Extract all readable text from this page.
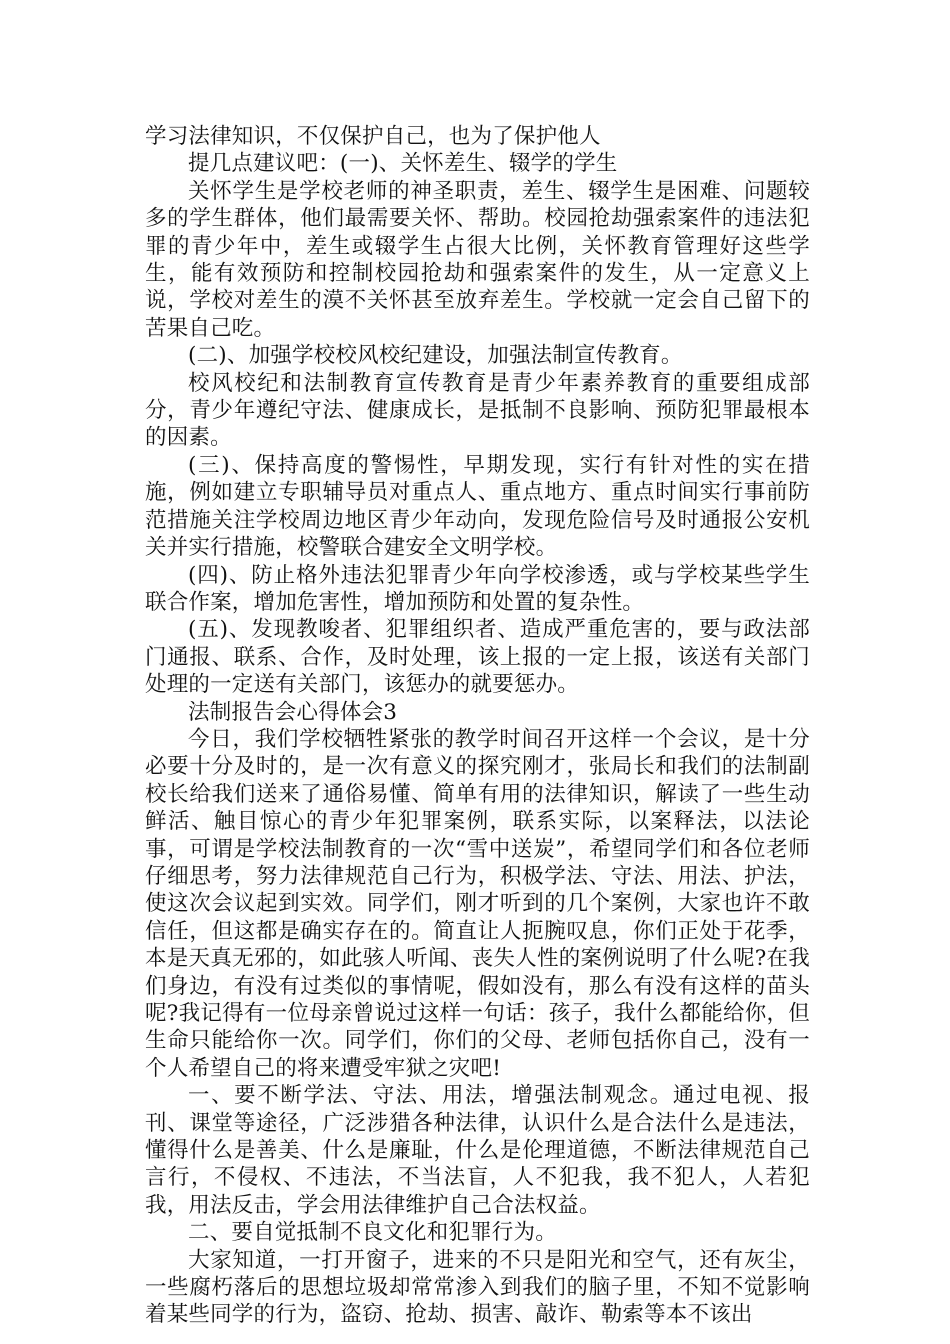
学习法律知识，不仅保护自己，也为了保护他人

提几点建议吧：(一)、关怀差生、辍学的学生

关怀学生是学校老师的神圣职责，差生、辍学生是困难、问题较多的学生群体，他们最需要关怀、帮助。校园抢劫强索案件的违法犯罪的青少年中，差生或辍学生占很大比例，关怀教育管理好这些学生，能有效预防和控制校园抢劫和强索案件的发生，从一定意义上说，学校对差生的漠不关怀甚至放弃差生。学校就一定会自己留下的苦果自己吃。

(二)、加强学校校风校纪建设，加强法制宣传教育。

校风校纪和法制教育宣传教育是青少年素养教育的重要组成部分，青少年遵纪守法、健康成长，是抵制不良影响、预防犯罪最根本的因素。

(三)、保持高度的警惕性，早期发现，实行有针对性的实在措施，例如建立专职辅导员对重点人、重点地方、重点时间实行事前防范措施关注学校周边地区青少年动向，发现危险信号及时通报公安机关并实行措施，校警联合建安全文明学校。

(四)、防止格外违法犯罪青少年向学校渗透，或与学校某些学生联合作案，增加危害性，增加预防和处置的复杂性。

(五)、发现教唆者、犯罪组织者、造成严重危害的，要与政法部门通报、联系、合作，及时处理，该上报的一定上报，该送有关部门处理的一定送有关部门，该惩办的就要惩办。

法制报告会心得体会3

今日，我们学校牺牲紧张的教学时间召开这样一个会议，是十分必要十分及时的，是一次有意义的探究刚才，张局长和我们的法制副校长给我们送来了通俗易懂、简单有用的法律知识，解读了一些生动鲜活、触目惊心的青少年犯罪案例，联系实际，以案释法，以法论事，可谓是学校法制教育的一次“雪中送炭”，希望同学们和各位老师仔细思考，努力法律规范自己行为，积极学法、守法、用法、护法，使这次会议起到实效。同学们，刚才听到的几个案例，大家也许不敢信任，但这都是确实存在的。简直让人扼腕叹息，你们正处于花季，本是天真无邪的，如此骇人听闻、丧失人性的案例说明了什么呢?在我们身边，有没有过类似的事情呢，假如没有，那么有没有这样的苗头呢?我记得有一位母亲曾说过这样一句话：孩子，我什么都能给你，但生命只能给你一次。同学们，你们的父母、老师包括你自己，没有一个人希望自己的将来遭受牢狱之灾吧!

一、要不断学法、守法、用法，增强法制观念。通过电视、报刊、课堂等途径，广泛涉猎各种法律，认识什么是合法什么是违法，懂得什么是善美、什么是廉耻，什么是伦理道德，不断法律规范自己言行，不侵权、不违法，不当法盲，人不犯我，我不犯人，人若犯我，用法反击，学会用法律维护自己合法权益。

二、要自觉抵制不良文化和犯罪行为。

大家知道，一打开窗子，进来的不只是阳光和空气，还有灰尘，一些腐朽落后的思想垃圾却常常渗入到我们的脑子里，不知不觉影响着某些同学的行为，盗窃、抢劫、损害、敲诈、勒索等本不该出
